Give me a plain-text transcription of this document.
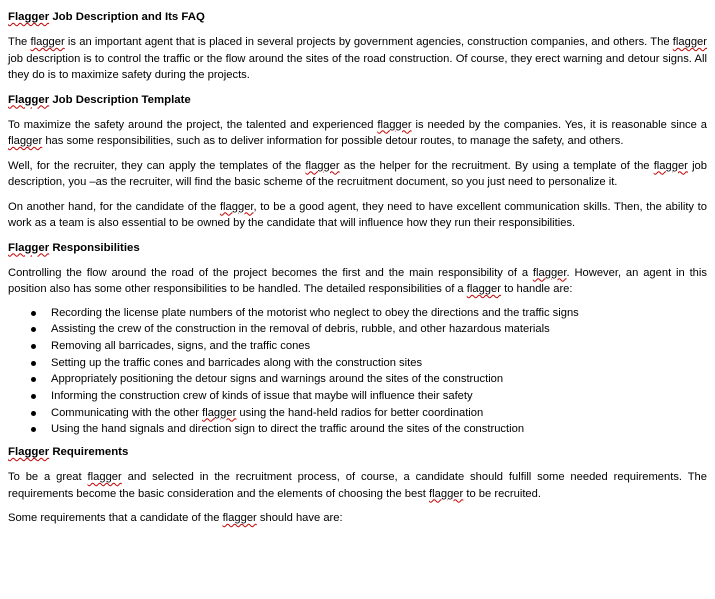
Flagger Job Description and Its FAQ

The flagger is an important agent that is placed in several projects by government agencies, construction companies, and others. The flagger job description is to control the traffic or the flow around the sites of the road construction. Of course, they erect warning and detour signs. All they do is to maximize safety during the projects.

Flagger Job Description Template

To maximize the safety around the project, the talented and experienced flagger is needed by the companies. Yes, it is reasonable since a flagger has some responsibilities, such as to deliver information for possible detour routes, to manage the safety, and others.

Well, for the recruiter, they can apply the templates of the flagger as the helper for the recruitment. By using a template of the flagger job description, you –as the recruiter, will find the basic scheme of the recruitment document, so you just need to personalize it.

On another hand, for the candidate of the flagger, to be a good agent, they need to have excellent communication skills. Then, the ability to work as a team is also essential to be owned by the candidate that will influence how they run their responsibilities.

Flagger Responsibilities

Controlling the flow around the road of the project becomes the first and the main responsibility of a flagger. However, an agent in this position also has some other responsibilities to be handled. The detailed responsibilities of a flagger to handle are:

Recording the license plate numbers of the motorist who neglect to obey the directions and the traffic signs
Assisting the crew of the construction in the removal of debris, rubble, and other hazardous materials
Removing all barricades, signs, and the traffic cones
Setting up the traffic cones and barricades along with the construction sites
Appropriately positioning the detour signs and warnings around the sites of the construction
Informing the construction crew of kinds of issue that maybe will influence their safety
Communicating with the other flagger using the hand-held radios for better coordination
Using the hand signals and direction sign to direct the traffic around the sites of the construction
Flagger Requirements

To be a great flagger and selected in the recruitment process, of course, a candidate should fulfill some needed requirements. The requirements become the basic consideration and the elements of choosing the best flagger to be recruited.

Some requirements that a candidate of the flagger should have are:
